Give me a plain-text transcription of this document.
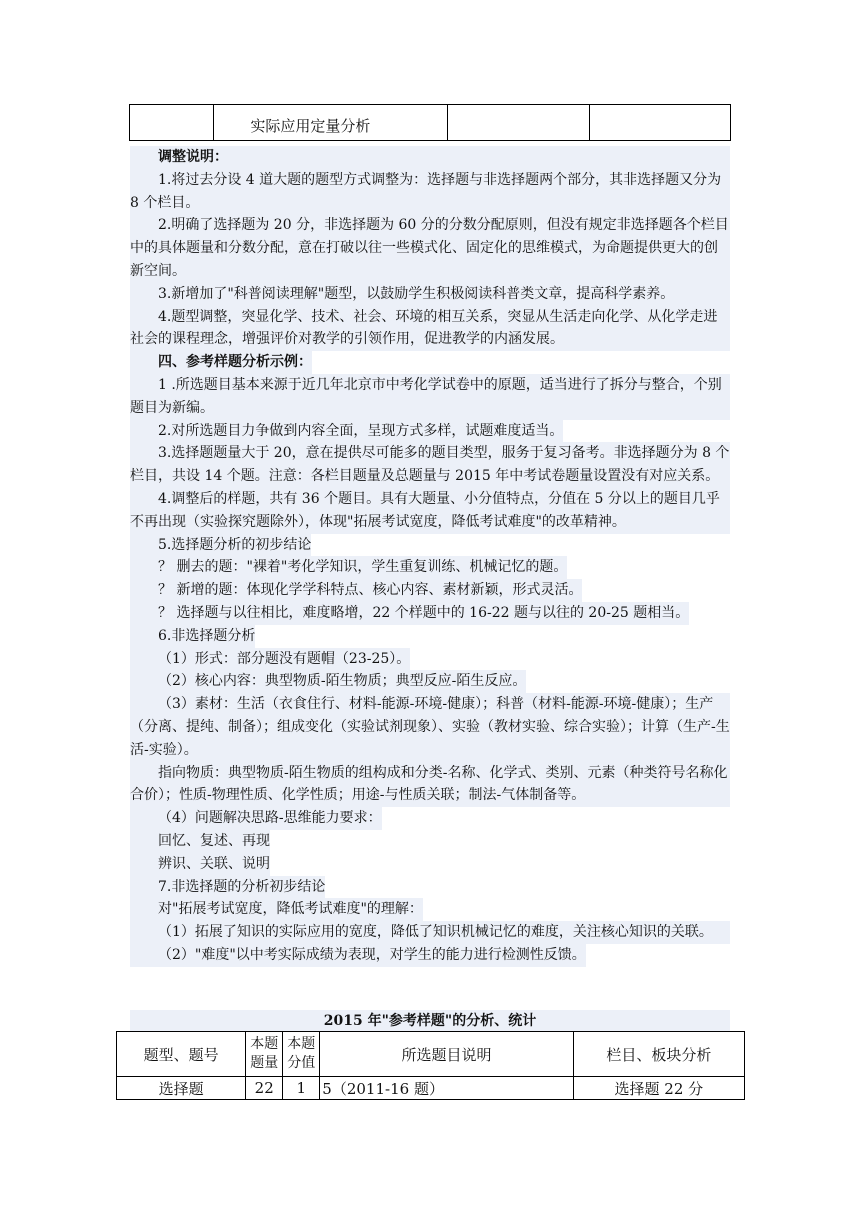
	实际应用定量分析		

调整说明：

1.将过去分设 4 道大题的题型方式调整为：选择题与非选择题两个部分，其非选择题又分为 8 个栏目。

2.明确了选择题为 20 分，非选择题为 60 分的分数分配原则，但没有规定非选择题各个栏目中的具体题量和分数分配，意在打破以往一些模式化、固定化的思维模式，为命题提供更大的创新空间。

3.新增加了"科普阅读理解"题型，以鼓励学生积极阅读科普类文章，提高科学素养。

4.题型调整，突显化学、技术、社会、环境的相互关系，突显从生活走向化学、从化学走进社会的课程理念，增强评价对教学的引领作用，促进教学的内涵发展。

四、参考样题分析示例：

1 .所选题目基本来源于近几年北京市中考化学试卷中的原题，适当进行了拆分与整合，个别题目为新编。

2.对所选题目力争做到内容全面，呈现方式多样，试题难度适当。

3.选择题题量大于 20，意在提供尽可能多的题目类型，服务于复习备考。非选择题分为 8 个栏目，共设 14 个题。注意：各栏目题量及总题量与 2015 年中考试卷题量设置没有对应关系。

4.调整后的样题，共有 36 个题目。具有大题量、小分值特点，分值在 5 分以上的题目几乎不再出现（实验探究题除外），体现"拓展考试宽度，降低考试难度"的改革精神。

5.选择题分析的初步结论

？ 删去的题："裸着"考化学知识，学生重复训练、机械记忆的题。

？ 新增的题：体现化学学科特点、核心内容、素材新颖，形式灵活。

？ 选择题与以往相比，难度略增，22 个样题中的 16-22 题与以往的 20-25 题相当。

6.非选择题分析

（1）形式：部分题没有题帽（23-25）。

（2）核心内容：典型物质-陌生物质；典型反应-陌生反应。

（3）素材：生活（衣食住行、材料-能源-环境-健康）；科普（材料-能源-环境-健康）；生产（分离、提纯、制备）；组成变化（实验试剂现象）、实验（教材实验、综合实验）；计算（生产-生活-实验）。

指向物质：典型物质-陌生物质的组构成和分类-名称、化学式、类别、元素（种类符号名称化合价）；性质-物理性质、化学性质；用途-与性质关联；制法-气体制备等。

（4）问题解决思路-思维能力要求：

回忆、复述、再现

辨识、关联、说明

7.非选择题的分析初步结论

对"拓展考试宽度，降低考试难度"的理解：

（1）拓展了知识的实际应用的宽度，降低了知识机械记忆的难度，关注核心知识的关联。

（2）"难度"以中考实际成绩为表现，对学生的能力进行检测性反馈。

2015 年"参考样题"的分析、统计
题型、题号	本题题量	本题分值	所选题目说明	栏目、板块分析
选择题	22	1	5（2011-16 题）	选择题 22 分
